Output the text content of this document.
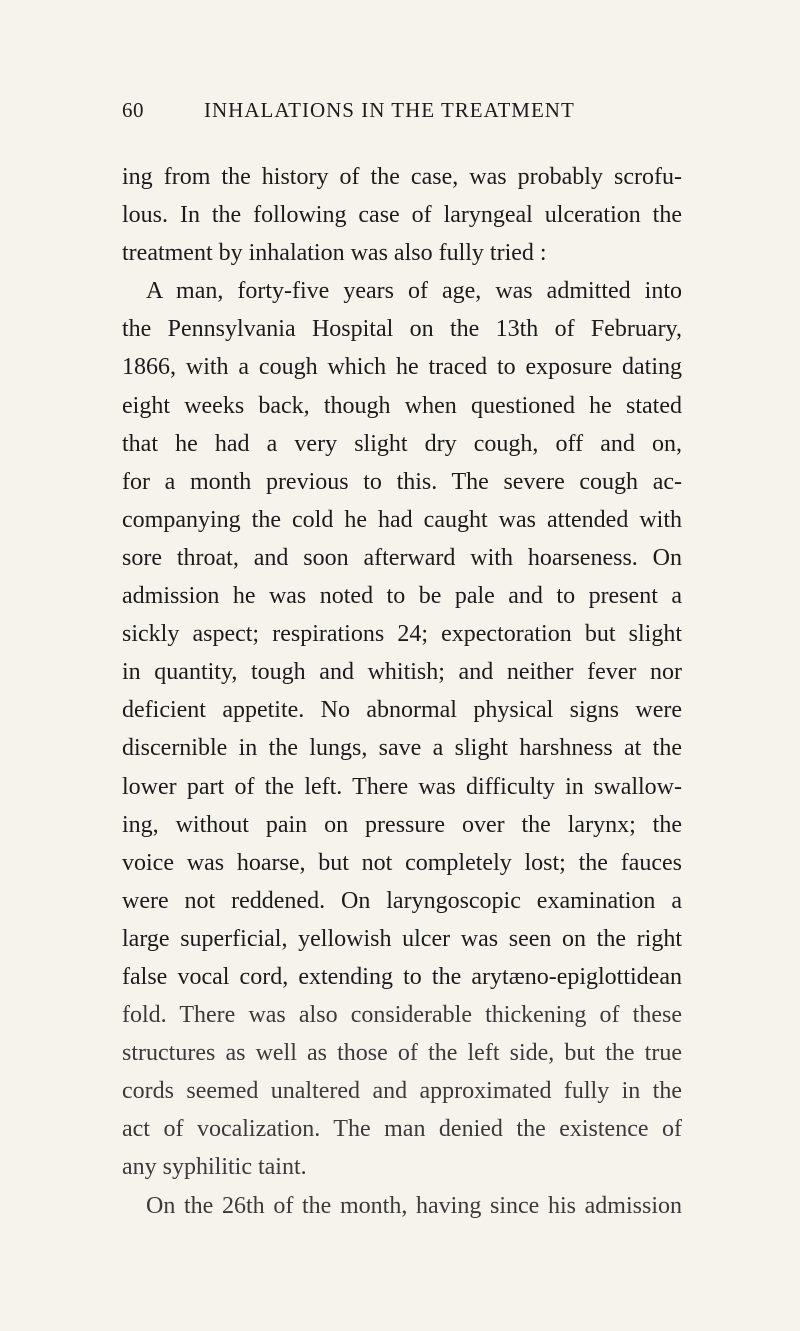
60	INHALATIONS IN THE TREATMENT
ing from the history of the case, was probably scrofu-
lous. In the following case of laryngeal ulceration the
treatment by inhalation was also fully tried :
A man, forty-five years of age, was admitted into
the Pennsylvania Hospital on the 13th of February,
1866, with a cough which he traced to exposure dating
eight weeks back, though when questioned he stated
that he had a very slight dry cough, off and on,
for a month previous to this. The severe cough ac-
companying the cold he had caught was attended with
sore throat, and soon afterward with hoarseness. On
admission he was noted to be pale and to present a
sickly aspect; respirations 24; expectoration but slight
in quantity, tough and whitish; and neither fever nor
deficient appetite. No abnormal physical signs were
discernible in the lungs, save a slight harshness at the
lower part of the left. There was difficulty in swallow-
ing, without pain on pressure over the larynx; the
voice was hoarse, but not completely lost; the fauces
were not reddened. On laryngoscopic examination a
large superficial, yellowish ulcer was seen on the right
false vocal cord, extending to the arytæno-epiglottidean
fold. There was also considerable thickening of these
structures as well as those of the left side, but the true
cords seemed unaltered and approximated fully in the
act of vocalization. The man denied the existence of
any syphilitic taint.
On the 26th of the month, having since his admission
